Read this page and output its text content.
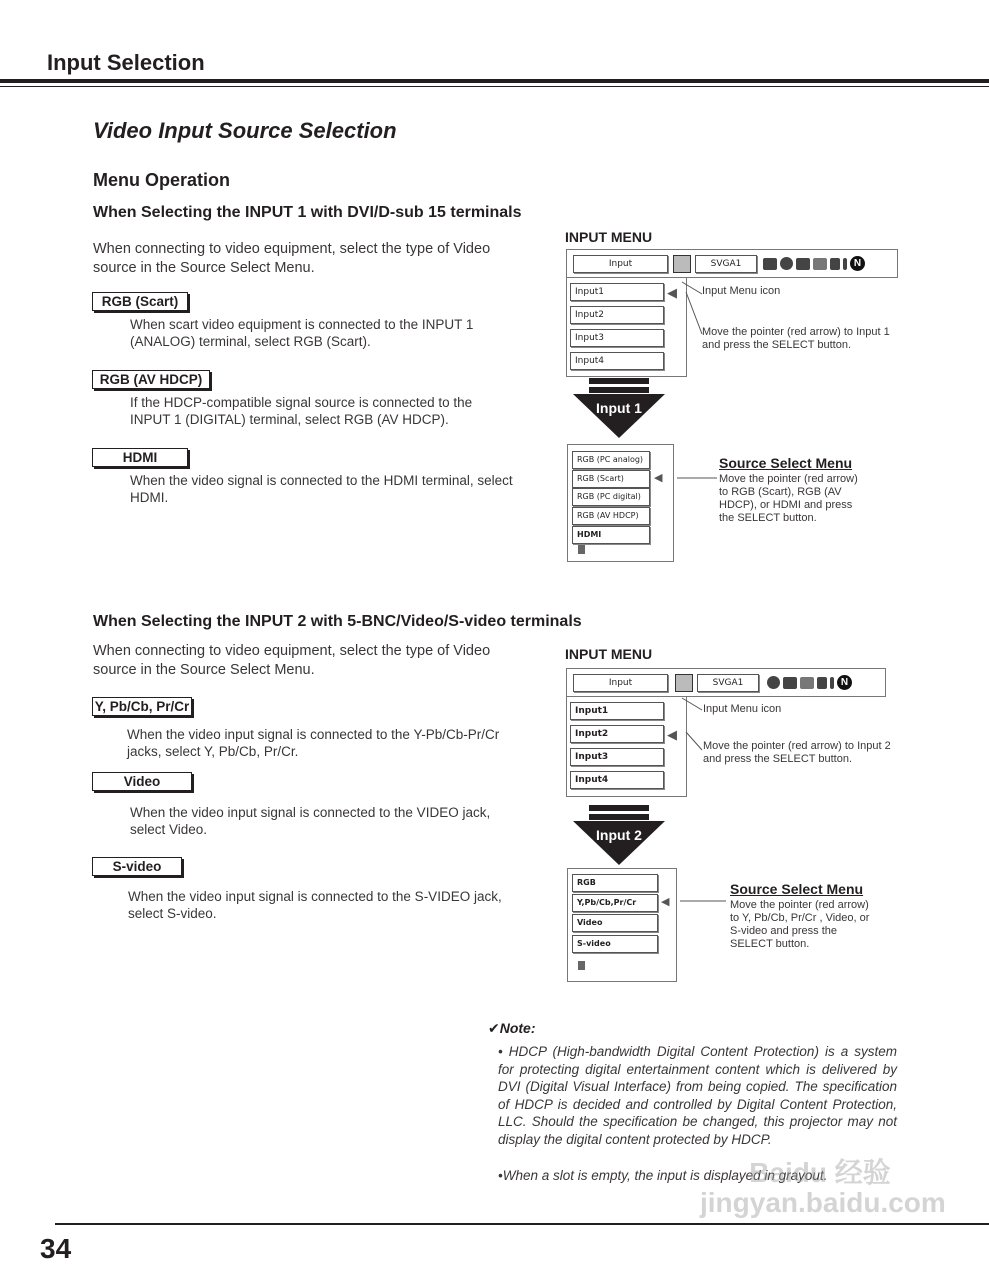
Input Selection
Video Input Source Selection
Menu Operation
When Selecting the INPUT 1 with DVI/D-sub 15 terminals
When connecting to video equipment, select the type of Video source in the Source Select Menu.
RGB (Scart)
When scart video equipment is connected to the INPUT 1 (ANALOG) terminal, select RGB (Scart).
RGB (AV HDCP)
If the HDCP-compatible signal source is connected to the INPUT 1 (DIGITAL) terminal, select RGB (AV HDCP).
HDMI
When the video signal is connected to the HDMI terminal, select HDMI.
INPUT MENU
Input	SVGA1	N
Input1
Input2
Input3
Input4
◀ Input Menu icon
Move the pointer (red arrow) to Input 1 and press the SELECT button.
Input 1
RGB (PC analog)
RGB (Scart)
RGB (PC digital)
RGB (AV HDCP)
HDMI
◀
Source Select Menu
Move the pointer (red arrow) to RGB (Scart), RGB (AV HDCP), or HDMI and press the SELECT button.
When Selecting the INPUT 2 with 5-BNC/Video/S-video terminals
When connecting to video equipment, select the type of Video source in the Source Select Menu.
Y, Pb/Cb, Pr/Cr
When the video input signal is connected to the Y-Pb/Cb-Pr/Cr jacks, select Y, Pb/Cb, Pr/Cr.
Video
When the video input signal is connected to the VIDEO jack, select Video.
S-video
When the video input signal is connected to the S-VIDEO jack, select S-video.
INPUT MENU
Input	SVGA1	N
Input1
Input2
Input3
Input4
◀
Input Menu icon
Move the pointer (red arrow) to Input 2 and press the SELECT button.
Input 2
RGB
Y,Pb/Cb,Pr/Cr
Video
S-video
◀
Source Select Menu
Move the pointer (red arrow) to Y, Pb/Cb, Pr/Cr , Video, or S-video and press the SELECT button.
✔Note:
• HDCP (High-bandwidth Digital Content Protection) is a system for protecting digital entertainment content which is delivered by DVI (Digital Visual Interface) from being copied. The specification of HDCP is decided and controlled by Digital Content Protection, LLC. Should the specification be changed, this projector may not display the digital content protected by HDCP.
•When a slot is empty, the input is displayed in grayout.
Baidu 经验 jingyan.baidu.com
34
